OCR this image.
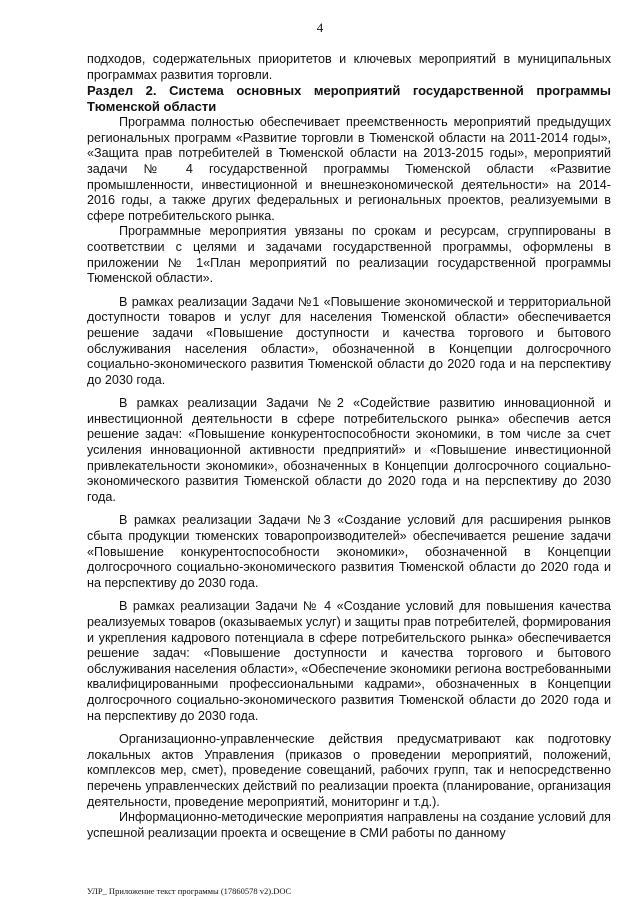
4

подходов, содержательных приоритетов и ключевых мероприятий в муниципальных программах развития торговли.

Раздел 2. Система основных мероприятий государственной программы Тюменской области

Программа полностью обеспечивает преемственность мероприятий предыдущих региональных программ «Развитие торговли в Тюменской области на 2011-2014 годы», «Защита прав потребителей в Тюменской области на 2013-2015 годы», мероприятий задачи № 4 государственной программы Тюменской области «Развитие промышленности, инвестиционной и внешнеэкономической деятельности» на 2014-2016 годы, а также других федеральных и региональных проектов, реализуемыми в сфере потребительского рынка.

Программные мероприятия увязаны по срокам и ресурсам, сгруппированы в соответствии с целями и задачами государственной программы, оформлены в приложении № 1«План мероприятий по реализации государственной программы Тюменской области».

В рамках реализации Задачи №1 «Повышение экономической и территориальной доступности товаров и услуг для населения Тюменской области» обеспечивается решение задачи «Повышение доступности и качества торгового и бытового обслуживания населения области», обозначенной в Концепции долгосрочного социально-экономического развития Тюменской области до 2020 года и на перспективу до 2030 года.

В рамках реализации Задачи №2 «Содействие развитию инновационной и инвестиционной деятельности в сфере потребительского рынка» обеспечив ается решение задач: «Повышение конкурентоспособности экономики, в том числе за счет усиления инновационной активности предприятий» и «Повышение инвестиционной привлекательности экономики», обозначенных в Концепции долгосрочного социально-экономического развития Тюменской области до 2020 года и на перспективу до 2030 года.

В рамках реализации Задачи №3 «Создание условий для расширения рынков сбыта продукции тюменских товаропроизводителей» обеспечивается решение задачи «Повышение конкурентоспособности экономики», обозначенной в Концепции долгосрочного социально-экономического развития Тюменской области до 2020 года и на перспективу до 2030 года.

В рамках реализации Задачи № 4 «Создание условий для повышения качества реализуемых товаров (оказываемых услуг) и защиты прав потребителей, формирования и укрепления кадрового потенциала в сфере потребительского рынка» обеспечивается решение задач: «Повышение доступности и качества торгового и бытового обслуживания населения области», «Обеспечение экономики региона востребованными квалифицированными профессиональными кадрами», обозначенных в Концепции долгосрочного социально-экономического развития Тюменской области до 2020 года и на перспективу до 2030 года.

Организационно-управленческие действия предусматривают как подготовку локальных актов Управления (приказов о проведении мероприятий, положений, комплексов мер, смет), проведение совещаний, рабочих групп, так и непосредственно перечень управленческих действий по реализации проекта (планирование, организация деятельности, проведение мероприятий, мониторинг и т.д.).

Информационно-методические мероприятия направлены на создание условий для успешной реализации проекта и освещение в СМИ работы по данному

УЛР_ Приложение текст программы (17860578 v2).DOC
